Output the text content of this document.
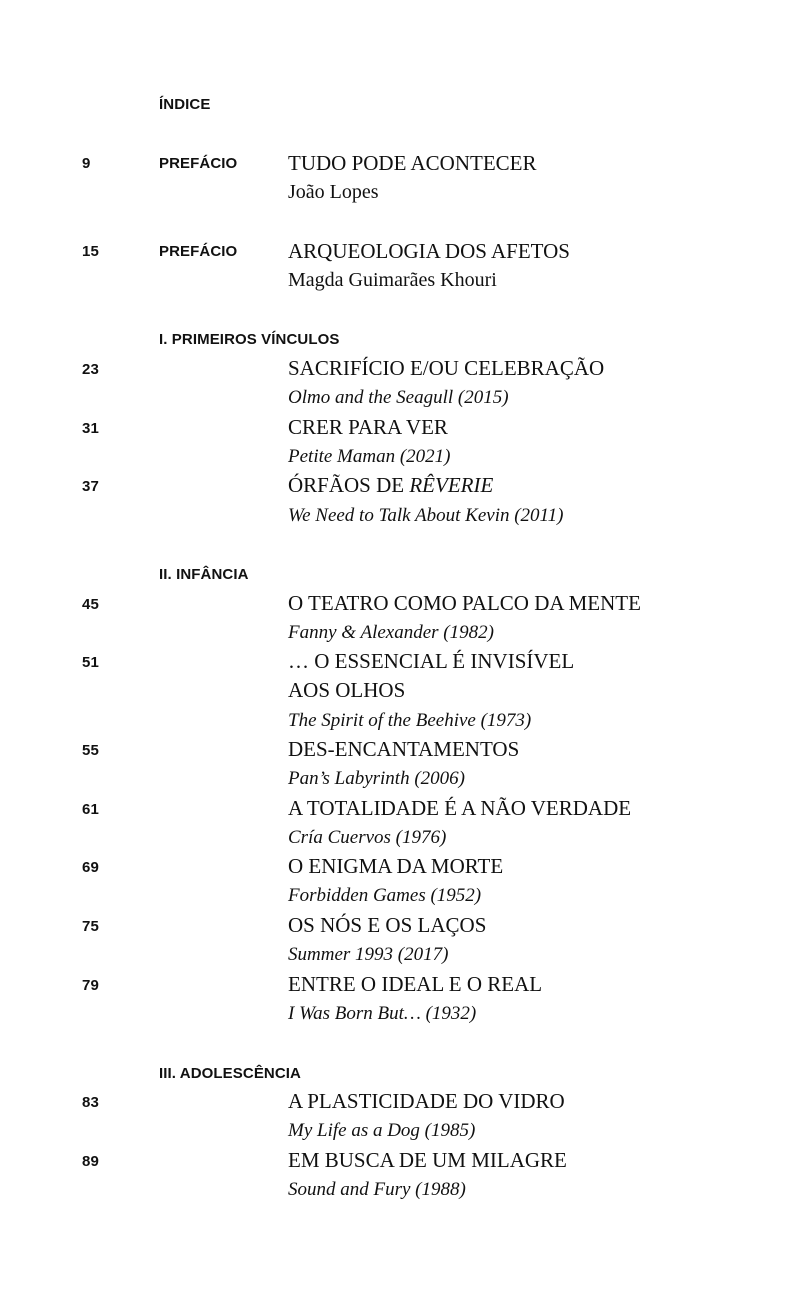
ÍNDICE
9	PREFÁCIO TUDO PODE ACONTECER
João Lopes
15	PREFÁCIO ARQUEOLOGIA DOS AFETOS
Magda Guimarães Khouri
I. PRIMEIROS VÍNCULOS
23	SACRIFÍCIO E/OU CELEBRAÇÃO
Olmo and the Seagull (2015)
31	CRER PARA VER
Petite Maman (2021)
37	ÓRFÃOS DE RÊVERIE
We Need to Talk About Kevin (2011)
II. INFÂNCIA
45	O TEATRO COMO PALCO DA MENTE
Fanny & Alexander (1982)
51	… O ESSENCIAL É INVISÍVEL
AOS OLHOS
The Spirit of the Beehive (1973)
55	DES-ENCANTAMENTOS
Pan’s Labyrinth (2006)
61	A TOTALIDADE É A NÃO VERDADE
Cría Cuervos (1976)
69	O ENIGMA DA MORTE
Forbidden Games (1952)
75	OS NÓS E OS LAÇOS
Summer 1993 (2017)
79	ENTRE O IDEAL E O REAL
I Was Born But… (1932)
III. ADOLESCÊNCIA
83	A PLASTICIDADE DO VIDRO
My Life as a Dog (1985)
89	EM BUSCA DE UM MILAGRE
Sound and Fury (1988)
